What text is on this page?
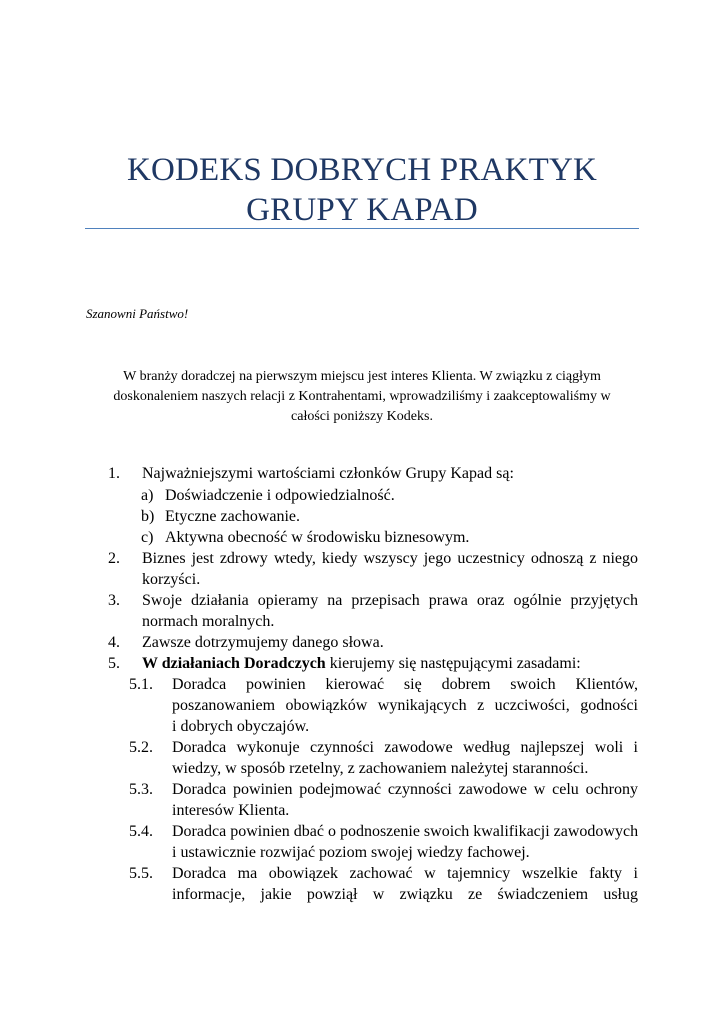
KODEKS DOBRYCH PRAKTYK
GRUPY KAPAD
Szanowni Państwo!
W branży doradczej na pierwszym miejscu jest interes Klienta. W związku z ciągłym
doskonaleniem naszych relacji z Kontrahentami, wprowadziliśmy i zaakceptowaliśmy w
całości poniższy Kodeks.
1. Najważniejszymi wartościami członków Grupy Kapad są:
a) Doświadczenie i odpowiedzialność.
b) Etyczne zachowanie.
c) Aktywna obecność w środowisku biznesowym.
2. Biznes jest zdrowy wtedy, kiedy wszyscy jego uczestnicy odnoszą z niego
korzyści.
3. Swoje działania opieramy na przepisach prawa oraz ogólnie przyjętych
normach moralnych.
4. Zawsze dotrzymujemy danego słowa.
5. W działaniach Doradczych kierujemy się następującymi zasadami:
5.1. Doradca powinien kierować się dobrem swoich Klientów,
poszanowaniem obowiązków wynikających z uczciwości, godności
i dobrych obyczajów.
5.2. Doradca wykonuje czynności zawodowe według najlepszej woli i
wiedzy, w sposób rzetelny, z zachowaniem należytej staranności.
5.3. Doradca powinien podejmować czynności zawodowe w celu ochrony
interesów Klienta.
5.4. Doradca powinien dbać o podnoszenie swoich kwalifikacji zawodowych
i ustawicznie rozwijać poziom swojej wiedzy fachowej.
5.5. Doradca ma obowiązek zachować w tajemnicy wszelkie fakty i
informacje, jakie powziął w związku ze świadczeniem usług
